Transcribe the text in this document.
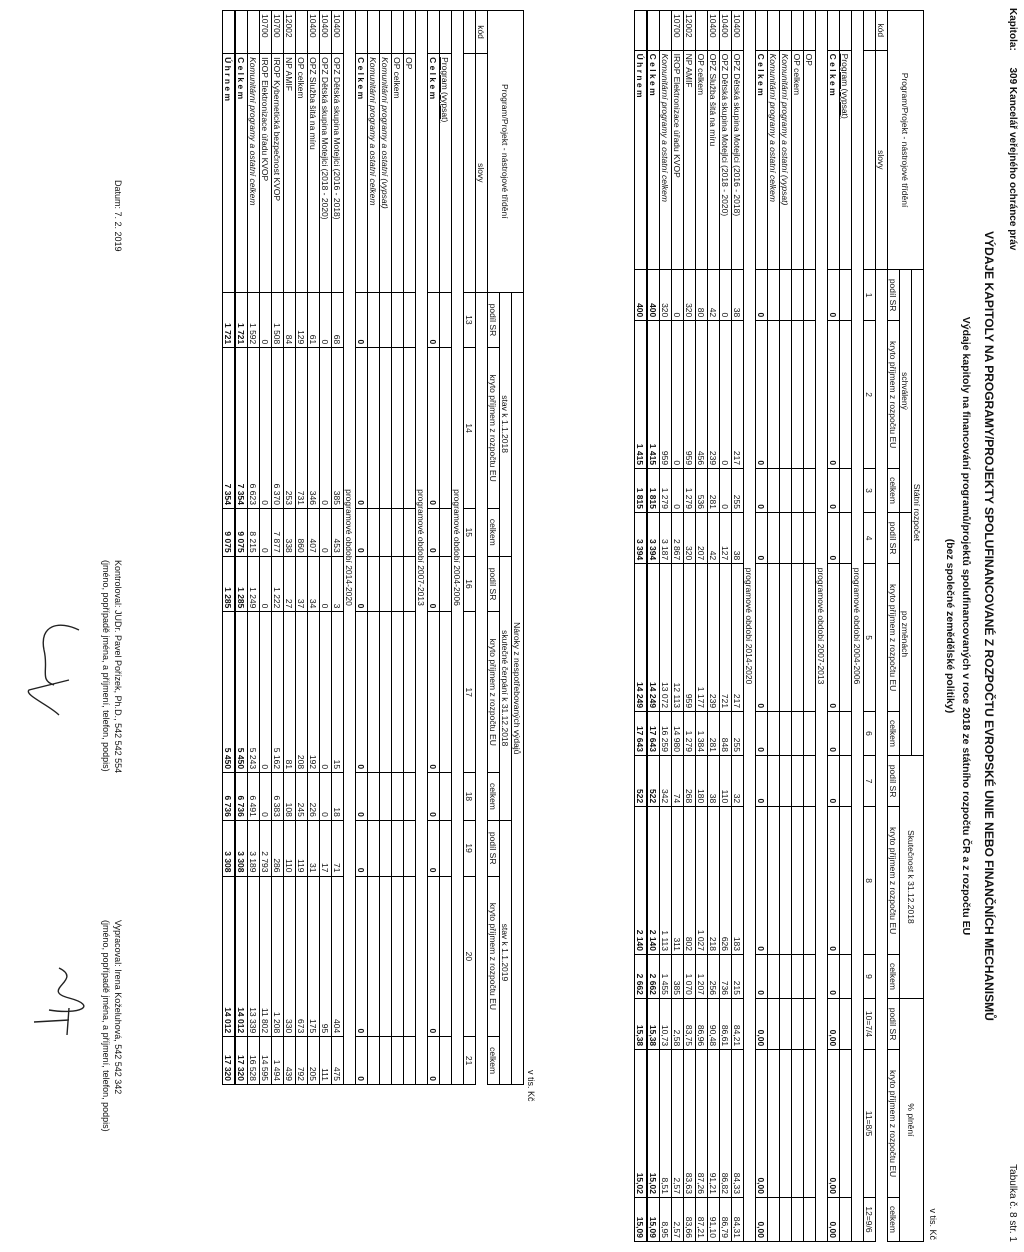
Kapitola:      309 Kancelář veřejného ochránce práv
Tabulka č. 8 str. 1
VÝDAJE KAPITOLY NA PROGRAMY/PROJEKTY SPOLUFINANCOVANÉ Z ROZPOČTU EVROPSKÉ UNIE NEBO FINANČNÍCH MECHANISMŮ
Výdaje kapitoly na financování programů/projektů spolufinancovaných v roce 2018 ze státního rozpočtu ČR a z rozpočtu EU
(bez společné zemědělské politiky)
v tis. Kč
Program/Projekt - nástrojové třídění		Státní rozpočet						Skutečnost k 31.12.2018			% plnění		
		schválený			po změnách								
		podíl SR	kryto příjmem z rozpočtu EU	celkem	podíl SR	kryto příjmem z rozpočtu EU	celkem	podíl SR	kryto příjmem z rozpočtu EU	celkem	podíl SR	kryto příjmem z rozpočtu EU	celkem
kód	slovy												
		1	2	3	4	5	6	7	8	9	10=7/4	11=8/5	12=9/6
programové období 2004-2006													
	Program (vypsat)												
	C e l k e m	0	0	0	0	0	0	0	0	0	0,00	0,00	0,00
programové období 2007-2013													
	OP												
	OP celkem												
	Komunitární programy a ostatní (vypsat)												
	Komunitární programy a ostatní celkem												
	C e l k e m	0	0	0	0	0	0	0	0	0	0,00	0,00	0,00
programové období 2014-2020													
10400	OPZ Dětská skupina Motejlci (2016 - 2018)	38	217	255	38	217	255	32	183	215	84,21	84,33	84,31
10400	OPZ Dětská skupina Motejlci (2018 - 2020)	0	0	0	127	721	848	110	626	736	86,61	86,82	86,79
10400	OPZ Služba šitá na míru	42	239	281	42	239	281	38	218	256	90,48	91,21	91,10
	OP celkem	80	456	536	207	1 177	1 384	180	1 027	1 207	86,96	87,26	87,21
12002	NP AMIF	320	959	1 279	320	959	1 279	268	802	1 070	83,75	83,63	83,66
10700	IROP Elektronizace úřadu KVOP	0	0	0	2 867	12 113	14 980	74	311	385	2,58	2,57	2,57
	Komunitární programy a ostatní celkem	320	959	1 279	3 187	13 072	16 259	342	1 113	1 455	10,73	8,51	8,95
	C e l k e m	400	1 415	1 815	3 394	14 249	17 643	522	2 140	2 662	15,38	15,02	15,09
	Ú h r n e m	400	1 415	1 815	3 394	14 249	17 643	522	2 140	2 662	15,38	15,02	15,09
v tis. Kč
Program/Projekt - nástrojové třídění		Nároky z nespotřebovaných výdajů								
		stav k 1.1.2018			skutečné čerpání k 31.12.2018			stav k 1.1.2019		
		podíl SR	kryto příjmem z rozpočtu EU	celkem	podíl SR	kryto příjmem z rozpočtu EU	celkem	podíl SR	kryto příjmem z rozpočtu EU	celkem
kód	slovy									
		13	14	15	16	17	18	19	20	21
programové období 2004-2006										
	Program (vypsat)									
	C e l k e m	0	0	0	0	0	0	0	0	0
programové období 2007-2013										
	OP									
	OP celkem									
	Komunitární programy a ostatní (vypsat)									
	Komunitární programy a ostatní celkem									
	C e l k e m	0	0	0	0	0	0	0	0	0
programové období 2014-2020										
10400	OPZ Dětská skupina Motejlci (2016 - 2018)	68	385	453	3	15	18	71	404	475
10400	OPZ Dětská skupina Motejlci (2018 - 2020)	0	0	0	0	0	0	17	95	111
10400	OPZ Služba šitá na míru	61	346	407	34	192	226	31	175	205
	OP celkem	129	731	860	37	208	245	119	673	792
12002	NP AMIF	84	253	338	27	81	108	110	330	439
10700	IROP Kybernetická bezpečnost KVOP	1 508	6 370	7 877	1 222	5 162	6 383	286	1 208	1 494
10700	IROP Elektronizace úřadu KVOP	0	0	0	0	0	0	2 793	11 802	14 595
	Komunitární programy a ostatní celkem	1 592	6 623	8 215	1 249	5 243	6 491	3 189	13 339	16 528
	C e l k e m	1 721	7 354	9 075	1 285	5 450	6 736	3 308	14 012	17 320
	Ú h r n e m	1 721	7 354	9 075	1 285	5 450	6 736	3 308	14 012	17 320
Vypracoval: Irena Koželuhová, 542 542 342
(jméno, popřípadě jména, a příjmení, telefon, podpis)
Kontroloval: JUDr. Pavel Pořízek, Ph.D., 542 542 554
(jméno, popřípadě jména, a příjmení, telefon, podpis)
Datum: 7. 2. 2019
